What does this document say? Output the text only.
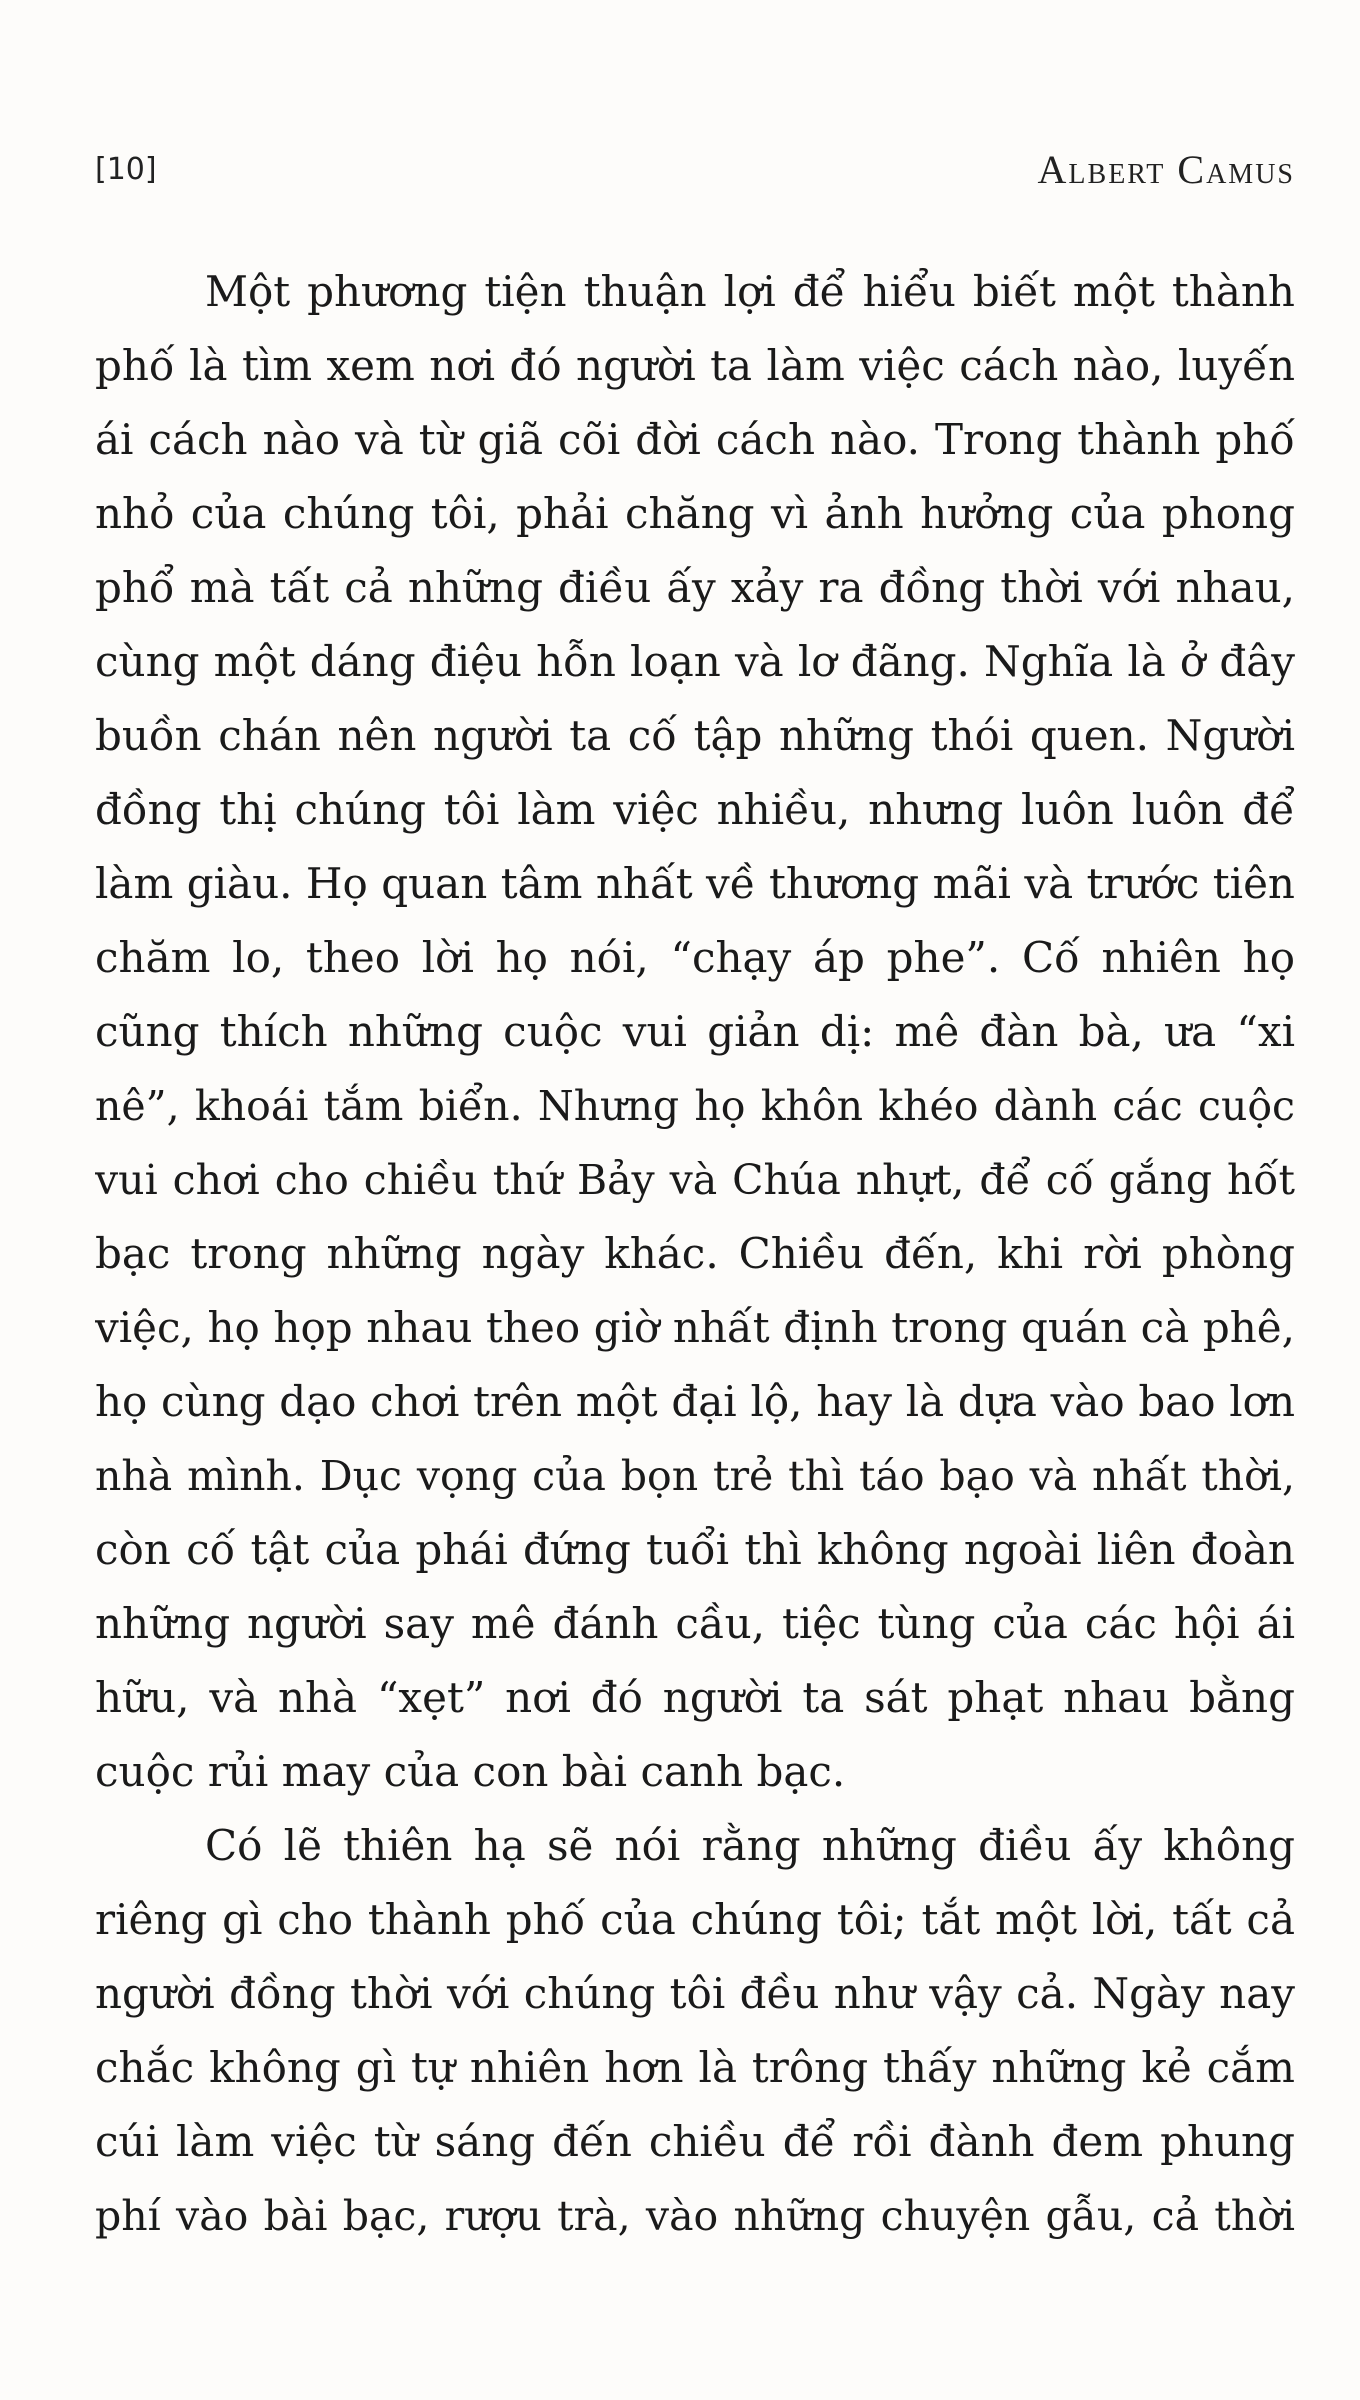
[10]	Albert Camus
Một phương tiện thuận lợi để hiểu biết một thành
phố là tìm xem nơi đó người ta làm việc cách nào, luyến
ái cách nào và từ giã cõi đời cách nào. Trong thành phố
nhỏ của chúng tôi, phải chăng vì ảnh hưởng của phong
phổ mà tất cả những điều ấy xảy ra đồng thời với nhau,
cùng một dáng điệu hỗn loạn và lơ đãng. Nghĩa là ở đây
buồn chán nên người ta cố tập những thói quen. Người
đồng thị chúng tôi làm việc nhiều, nhưng luôn luôn để
làm giàu. Họ quan tâm nhất về thương mãi và trước tiên
chăm lo, theo lời họ nói, “chạy áp phe”. Cố nhiên họ
cũng thích những cuộc vui giản dị: mê đàn bà, ưa “xi
nê”, khoái tắm biển. Nhưng họ khôn khéo dành các cuộc
vui chơi cho chiều thứ Bảy và Chúa nhựt, để cố gắng hốt
bạc trong những ngày khác. Chiều đến, khi rời phòng
việc, họ họp nhau theo giờ nhất định trong quán cà phê,
họ cùng dạo chơi trên một đại lộ, hay là dựa vào bao lơn
nhà mình. Dục vọng của bọn trẻ thì táo bạo và nhất thời,
còn cố tật của phái đứng tuổi thì không ngoài liên đoàn
những người say mê đánh cầu, tiệc tùng của các hội ái
hữu, và nhà “xẹt” nơi đó người ta sát phạt nhau bằng
cuộc rủi may của con bài canh bạc.
Có lẽ thiên hạ sẽ nói rằng những điều ấy không
riêng gì cho thành phố của chúng tôi; tắt một lời, tất cả
người đồng thời với chúng tôi đều như vậy cả. Ngày nay
chắc không gì tự nhiên hơn là trông thấy những kẻ cắm
cúi làm việc từ sáng đến chiều để rồi đành đem phung
phí vào bài bạc, rượu trà, vào những chuyện gẫu, cả thời
